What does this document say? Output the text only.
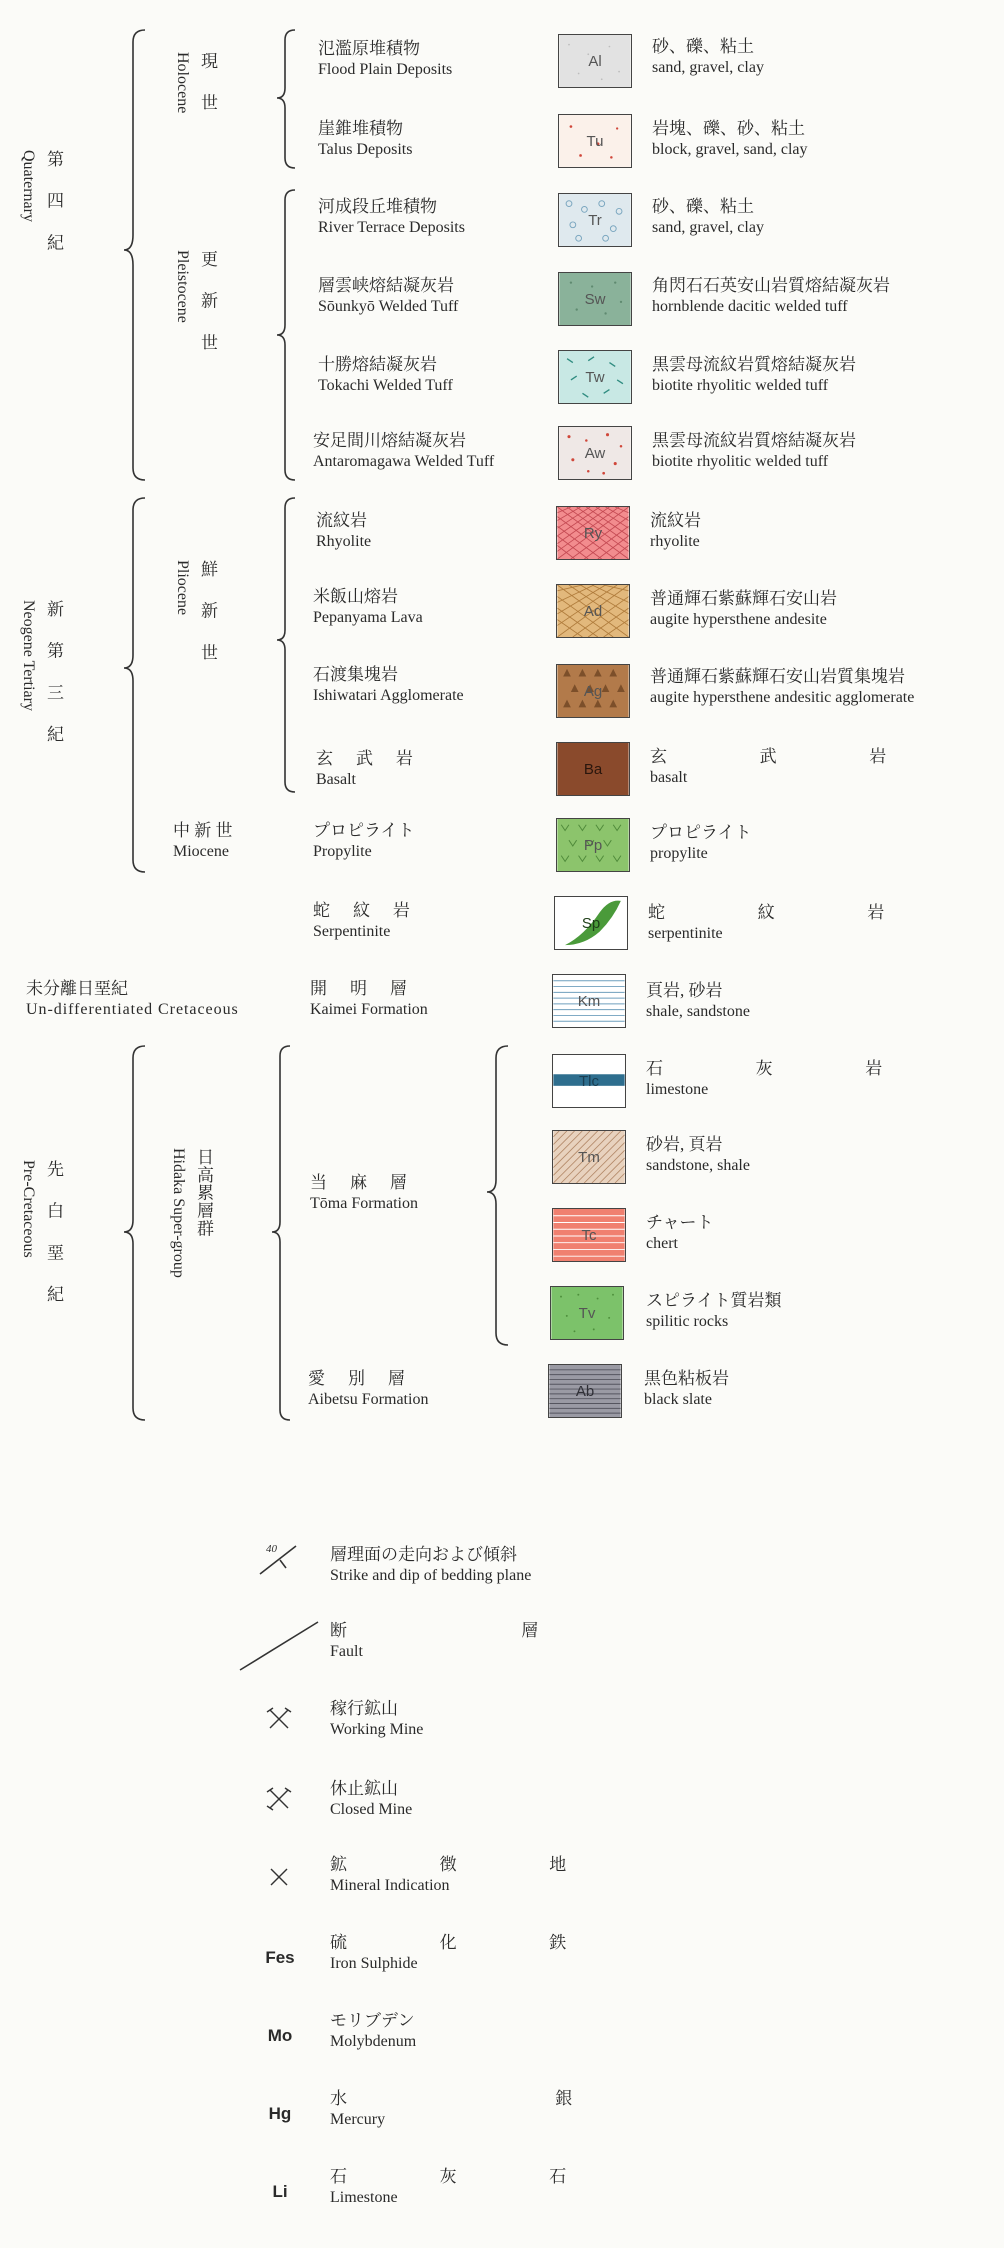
第 四 紀
Quaternary
新 第 三 紀
Neogene Tertiary
先 白 堊 紀
Pre-Cretaceous
未分離日堊紀
Un-differentiated Cretaceous
現 世
Holocene
更 新 世
Pleistocene
鮮 新 世
Pliocene
中 新 世
Miocene
日高累層群
Hidaka Super-group
氾濫原堆積物
Flood Plain Deposits
崖錐堆積物
Talus Deposits
河成段丘堆積物
River Terrace Deposits
層雲峡熔結凝灰岩
Sōunkyō Welded Tuff
十勝熔結凝灰岩
Tokachi Welded Tuff
安足間川熔結凝灰岩
Antaromagawa Welded Tuff
流紋岩
Rhyolite
米飯山熔岩
Pepanyama Lava
石渡集塊岩
Ishiwatari Agglomerate
玄 武 岩
Basalt
プロピライト
Propylite
蛇 紋 岩
Serpentinite
開 明 層
Kaimei Formation
当 麻 層
Tōma Formation
愛 別 層
Aibetsu Formation
Al
Tu
Tr
Sw
Tw
Aw
Ry
Ad
Ag
Ba
Pp
Sp
Km
Tlc
Tm
Tc
Tv
Ab
砂、礫、粘土
sand, gravel, clay
岩塊、礫、砂、粘土
block, gravel, sand, clay
砂、礫、粘土
sand, gravel, clay
角閃石石英安山岩質熔結凝灰岩
hornblende dacitic welded tuff
黒雲母流紋岩質熔結凝灰岩
biotite rhyolitic welded tuff
黒雲母流紋岩質熔結凝灰岩
biotite rhyolitic welded tuff
流紋岩
rhyolite
普通輝石紫蘇輝石安山岩
augite hypersthene andesite
普通輝石紫蘇輝石安山岩質集塊岩
augite hypersthene andesitic agglomerate
玄 武 岩
basalt
プロピライト
propylite
蛇 紋 岩
serpentinite
頁岩, 砂岩
shale, sandstone
石 灰 岩
limestone
砂岩, 頁岩
sandstone, shale
チャート
chert
スピライト質岩類
spilitic rocks
黒色粘板岩
black slate
40	層理面の走向および傾斜
Strike and dip of bedding plane
断 層
Fault
稼行鉱山
Working Mine
休止鉱山
Closed Mine
鉱 徴 地
Mineral Indication
Fes
硫 化 鉄
Iron Sulphide
Mo
モリブデン
Molybdenum
Hg
水 銀
Mercury
Li
石 灰 石
Limestone
